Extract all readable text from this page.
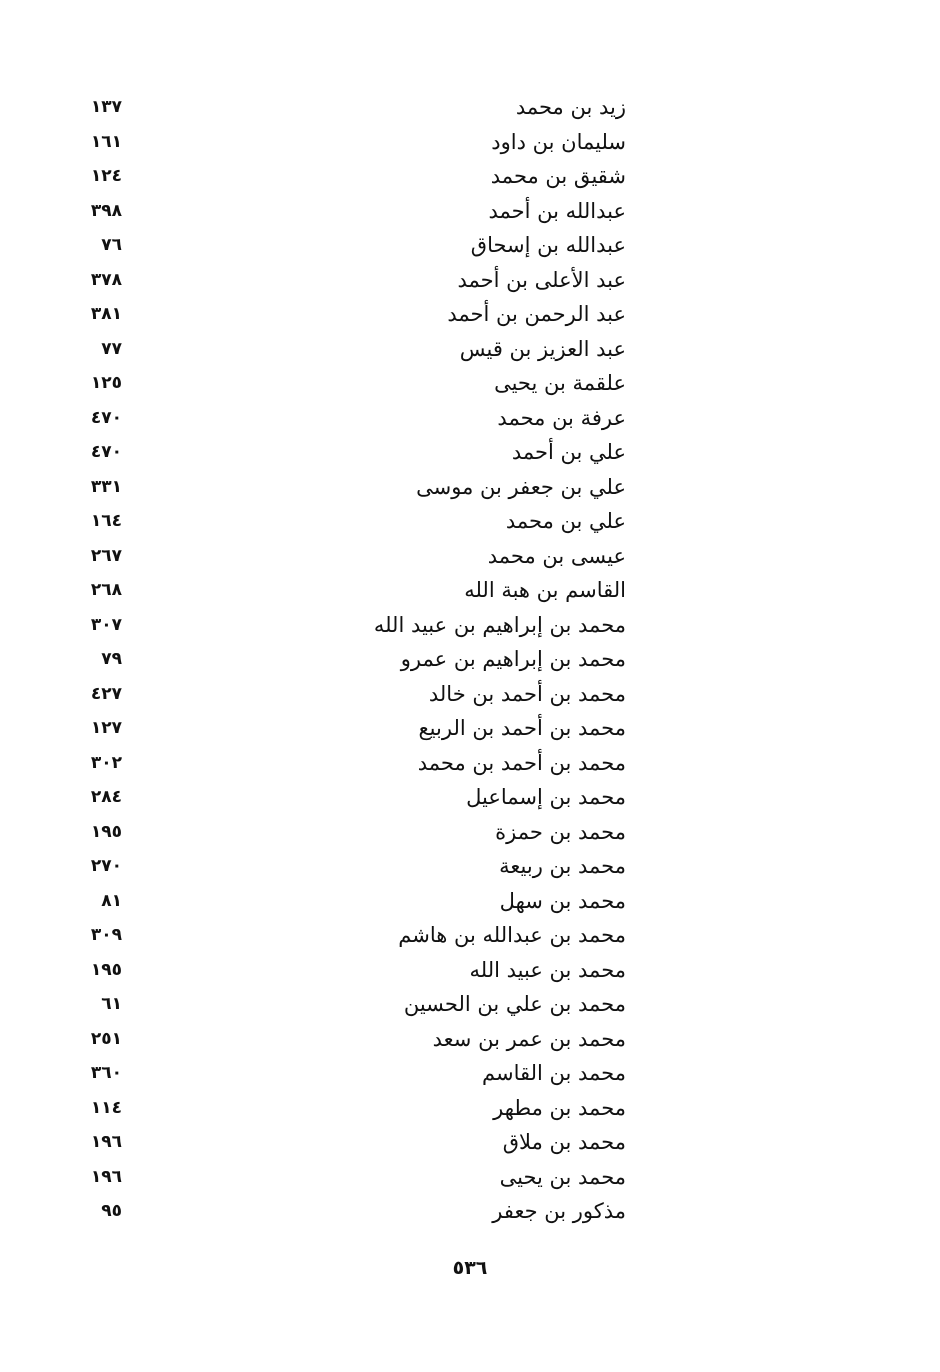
زيد بن محمد
١٣٧
سليمان بن داود
١٦١
شقيق بن محمد
١٢٤
عبدالله بن أحمد
٣٩٨
عبدالله بن إسحاق
٧٦
عبد الأعلى بن أحمد
٣٧٨
عبد الرحمن بن أحمد
٣٨١
عبد العزيز بن قيس
٧٧
علقمة بن يحيى
١٢٥
عرفة بن محمد
٤٧٠
علي بن أحمد
٤٧٠
علي بن جعفر بن موسى
٣٣١
علي بن محمد
١٦٤
عيسى بن محمد
٢٦٧
القاسم بن هبة الله
٢٦٨
محمد بن إبراهيم بن عبيد الله
٣٠٧
محمد بن إبراهيم بن عمرو
٧٩
محمد بن أحمد بن خالد
٤٢٧
محمد بن أحمد بن الربيع
١٢٧
محمد بن أحمد بن محمد
٣٠٢
محمد بن إسماعيل
٢٨٤
محمد بن حمزة
١٩٥
محمد بن ربيعة
٢٧٠
محمد بن سهل
٨١
محمد بن عبدالله بن هاشم
٣٠٩
محمد بن عبيد الله
١٩٥
محمد بن علي بن الحسين
٦١
محمد بن عمر بن سعد
٢٥١
محمد بن القاسم
٣٦٠
محمد بن مطهر
١١٤
محمد بن ملاق
١٩٦
محمد بن يحيى
١٩٦
مذكور بن جعفر
٩٥
٥٣٦
